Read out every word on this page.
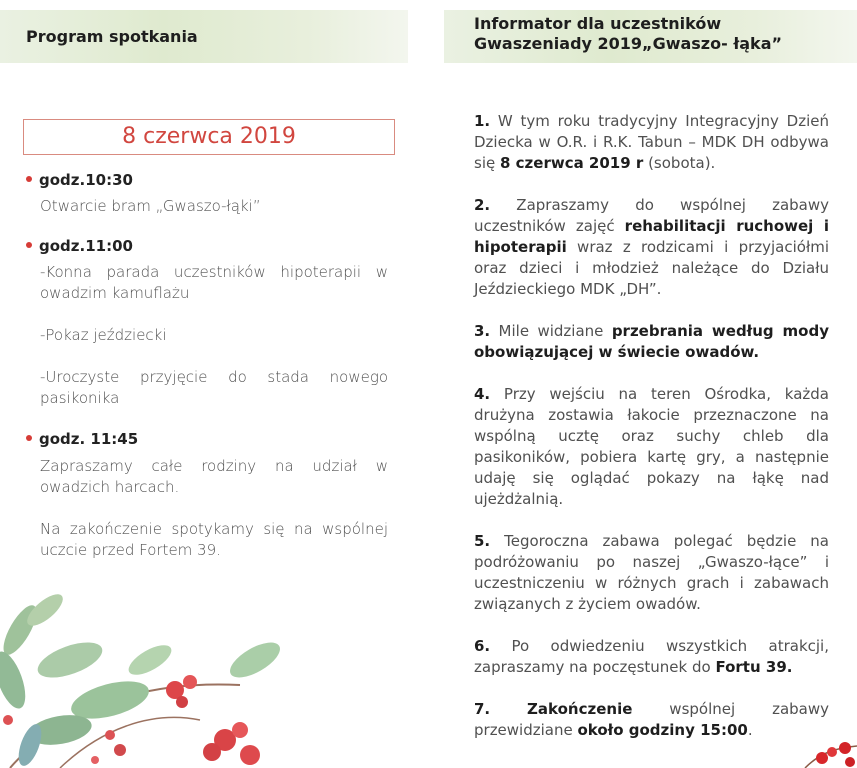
Program spotkania
Informator dla uczestników
Gwaszeniady 2019„Gwaszo- łąka”
8 czerwca 2019
godz.10:30
Otwarcie bram „Gwaszo-łąki”
godz.11:00
-Konna parada uczestników hipoterapii w owadzim kamuflażu
-Pokaz jeździecki
-Uroczyste przyjęcie do stada nowego pasikonika
godz. 11:45
Zapraszamy całe rodziny na udział w owadzich harcach.
Na zakończenie spotykamy się na wspólnej uczcie przed Fortem 39.
1. W tym roku tradycyjny Integracyjny Dzień Dziecka w O.R. i R.K. Tabun – MDK DH odbywa się 8 czerwca 2019 r (sobota).
2. Zapraszamy do wspólnej zabawy uczestników zajęć rehabilitacji ruchowej i hipoterapii wraz z rodzicami i przyjaciółmi oraz dzieci i młodzież należące do Działu Jeździeckiego MDK „DH”.
3. Mile widziane przebrania według mody obowiązującej w świecie owadów.
4. Przy wejściu na teren Ośrodka, każda drużyna zostawia łakocie przeznaczone na wspólną ucztę oraz suchy chleb dla pasikoników, pobiera kartę gry, a następnie udaję się oglądać pokazy na łąkę nad ujeżdżalnią.
5. Tegoroczna zabawa polegać będzie na podróżowaniu po naszej „Gwaszo-łące” i uczestniczeniu w różnych grach i zabawach związanych z życiem owadów.
6. Po odwiedzeniu wszystkich atrakcji, zapraszamy na poczęstunek do Fortu 39.
7. Zakończenie wspólnej zabawy przewidziane około godziny 15:00.
